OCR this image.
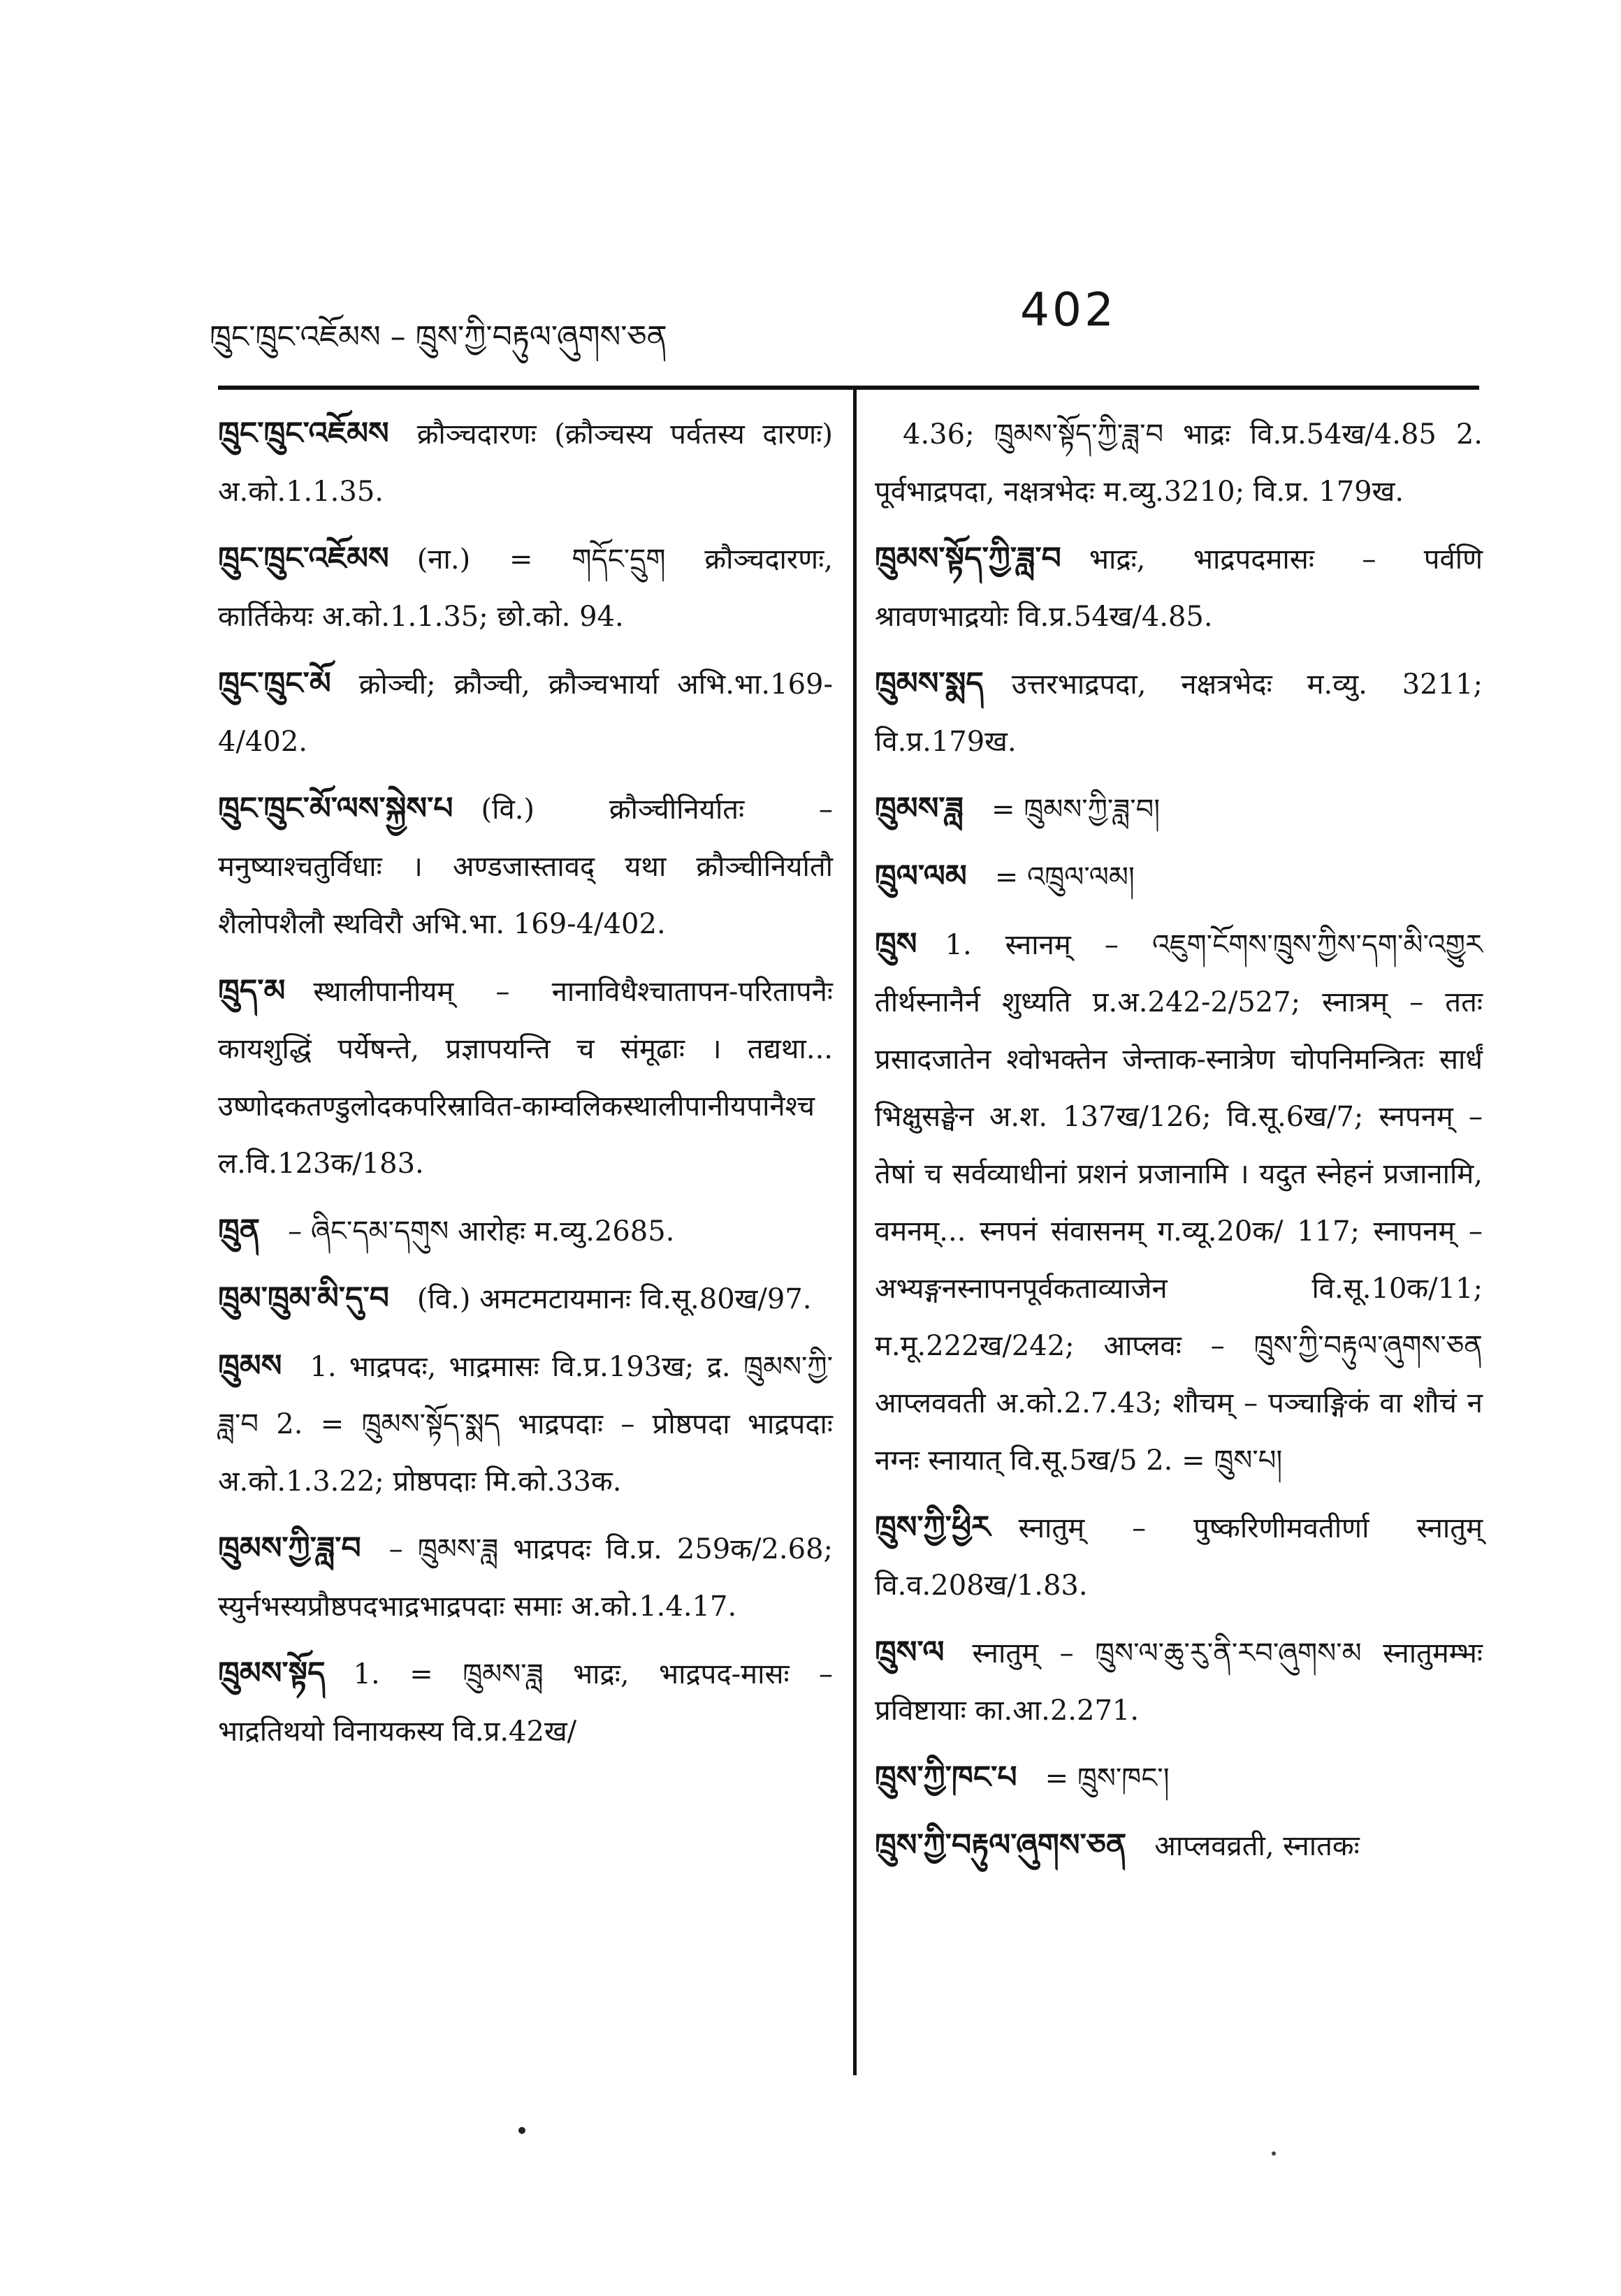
ཁྲུང་ཁྲུང་འཇོམས – ཁྲུས་ཀྱི་བརྟུལ་ཞུགས་ཅན
402
ཁྲུང་ཁྲུང་འཇོམས क्रौञ्चदारणः (क्रौञ्चस्य पर्वतस्य दारणः) अ.को.1.1.35.
ཁྲུང་ཁྲུང་འཇོམས (ना.) = གདོང་དྲུག क्रौञ्चदारणः, कार्तिकेयः अ.को.1.1.35; छो.को. 94.
ཁྲུང་ཁྲུང་མོ क्रोञ्ची; क्रौञ्ची, क्रौञ्चभार्या अभि.भा.169-4/402.
ཁྲུང་ཁྲུང་མོ་ལས་སྐྱེས་པ (वि.) क्रौञ्चीनिर्यातः – मनुष्याश्चतुर्विधाः । अण्डजास्तावद् यथा क्रौञ्चीनिर्यातौ शैलोपशैलौ स्थविरौ अभि.भा. 169-4/402.
ཁྲུད་མ स्थालीपानीयम् – नानाविधैश्चातापन-परितापनैः कायशुद्धिं पर्येषन्ते, प्रज्ञापयन्ति च संमूढाः । तद्यथा... उष्णोदकतण्डुलोदकपरिस्रावित-काम्वलिकस्थालीपानीयपानैश्च ल.वि.123क/183.
ཁྲུན – ཞིང་དམ་དགུས आरोहः म.व्यु.2685.
ཁྲུམ་ཁྲུམ་མི་དུ་བ (वि.) अमटमटायमानः वि.सू.80ख/97.
ཁྲུམས 1. भाद्रपदः, भाद्रमासः वि.प्र.193ख; द्र. ཁྲུམས་ཀྱི་ཟླ་བ 2. = ཁྲུམས་སྟོད་སྨད भाद्रपदाः – प्रोष्ठपदा भाद्रपदाः अ.को.1.3.22; प्रोष्ठपदाः मि.को.33क.
ཁྲུམས་ཀྱི་ཟླ་བ – ཁྲུམས་ཟླ भाद्रपदः वि.प्र. 259क/2.68; स्युर्नभस्यप्रौष्ठपदभाद्रभाद्रपदाः समाः अ.को.1.4.17.
ཁྲུམས་སྟོད 1. = ཁྲུམས་ཟླ भाद्रः, भाद्रपद-मासः – भाद्रतिथयो विनायकस्य वि.प्र.42ख/
4.36; ཁྲུམས་སྟོད་ཀྱི་ཟླ་བ भाद्रः वि.प्र.54ख/4.85 2. पूर्वभाद्रपदा, नक्षत्रभेदः म.व्यु.3210; वि.प्र. 179ख.
ཁྲུམས་སྟོད་ཀྱི་ཟླ་བ भाद्रः, भाद्रपदमासः – पर्वणि श्रावणभाद्रयोः वि.प्र.54ख/4.85.
ཁྲུམས་སྨད उत्तरभाद्रपदा, नक्षत्रभेदः म.व्यु. 3211; वि.प्र.179ख.
ཁྲུམས་ཟླ = ཁྲུམས་ཀྱི་ཟླ་བ།
ཁྲུལ་ལམ = འཁྲུལ་ལམ།
ཁྲུས 1. स्नानम् – འཇུག་ངོགས་ཁྲུས་ཀྱིས་དག་མི་འགྱུར तीर्थस्नानैर्न शुध्यति प्र.अ.242-2/527; स्नात्रम् – ततः प्रसादजातेन श्वोभक्तेन जेन्ताक-स्नात्रेण चोपनिमन्त्रितः सार्धं भिक्षुसङ्घेन अ.श. 137ख/126; वि.सू.6ख/7; स्नपनम् – तेषां च सर्वव्याधीनां प्रशनं प्रजानामि । यदुत स्नेहनं प्रजानामि, वमनम्... स्नपनं संवासनम् ग.व्यू.20क/ 117; स्नापनम् – अभ्यङ्गनस्नापनपूर्वकताव्याजेन वि.सू.10क/11; म.मू.222ख/242; आप्लवः – ཁྲུས་ཀྱི་བརྟུལ་ཞུགས་ཅན आप्लववती अ.को.2.7.43; शौचम् – पञ्चाङ्गिकं वा शौचं न नग्नः स्नायात् वि.सू.5ख/5 2. = ཁྲུས་པ།
ཁྲུས་ཀྱི་ཕྱིར स्नातुम् – पुष्करिणीमवतीर्णा स्नातुम् वि.व.208ख/1.83.
ཁྲུས་ལ स्नातुम् – ཁྲུས་ལ་ཆུ་རུ་ནི་རབ་ཞུགས་མ स्नातुमम्भः प्रविष्टायाः का.आ.2.271.
ཁྲུས་ཀྱི་ཁང་པ = ཁྲུས་ཁང་།
ཁྲུས་ཀྱི་བརྟུལ་ཞུགས་ཅན आप्लवव्रती, स्नातकः
